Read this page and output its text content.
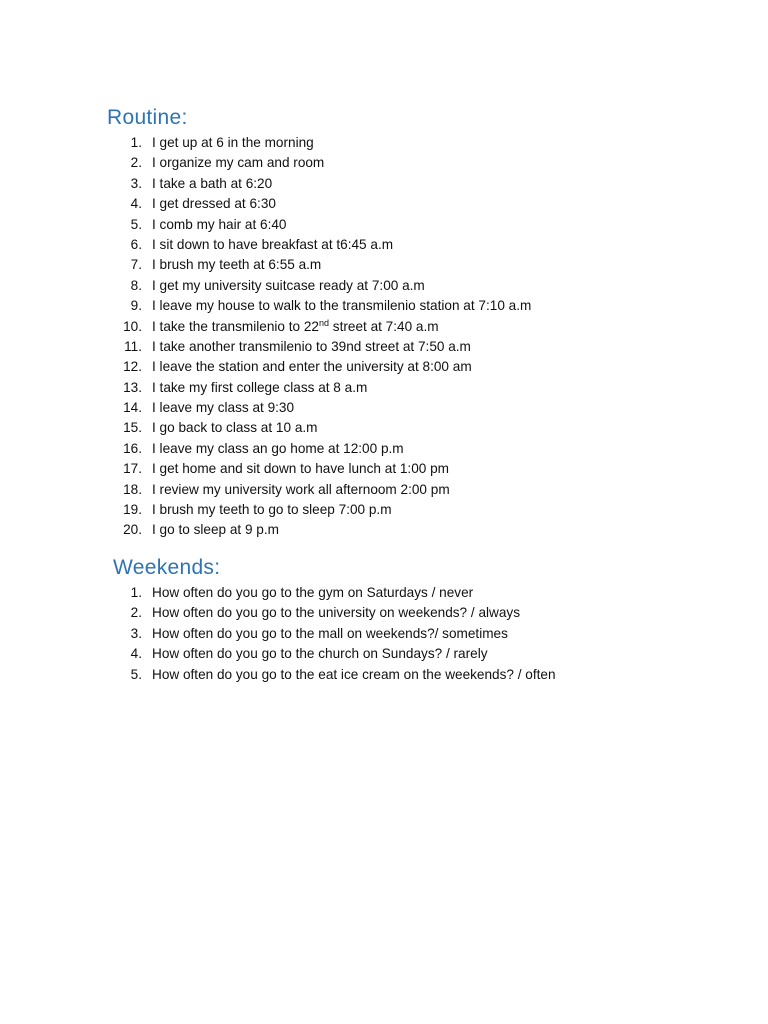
Routine:
1. I get up at 6 in the morning
2. I organize my cam and room
3. I take a bath at 6:20
4. I get dressed at 6:30
5. I comb my hair at 6:40
6. I sit down to have breakfast at t6:45 a.m
7. I brush my teeth at 6:55 a.m
8. I get my university suitcase ready at 7:00 a.m
9. I leave my house to walk to the transmilenio station at 7:10 a.m
10. I take the transmilenio to 22nd street at 7:40 a.m
11. I take another transmilenio to 39nd street at 7:50 a.m
12. I leave the station and enter the university at 8:00 am
13. I take my first college class at 8 a.m
14. I leave my class at 9:30
15. I go back to class at 10 a.m
16. I leave my class an go home at 12:00 p.m
17. I get home and sit down to have lunch at 1:00 pm
18. I review my university work all afternoom 2:00 pm
19. I brush my teeth to go to sleep 7:00 p.m
20. I go to sleep at 9 p.m
Weekends:
1. How often do you go to the gym on Saturdays / never
2. How often do you go to the university on weekends? / always
3. How often do you go to the mall on weekends?/ sometimes
4. How often do you go to the church on Sundays? / rarely
5. How often do you go to the eat ice cream on the weekends? / often
